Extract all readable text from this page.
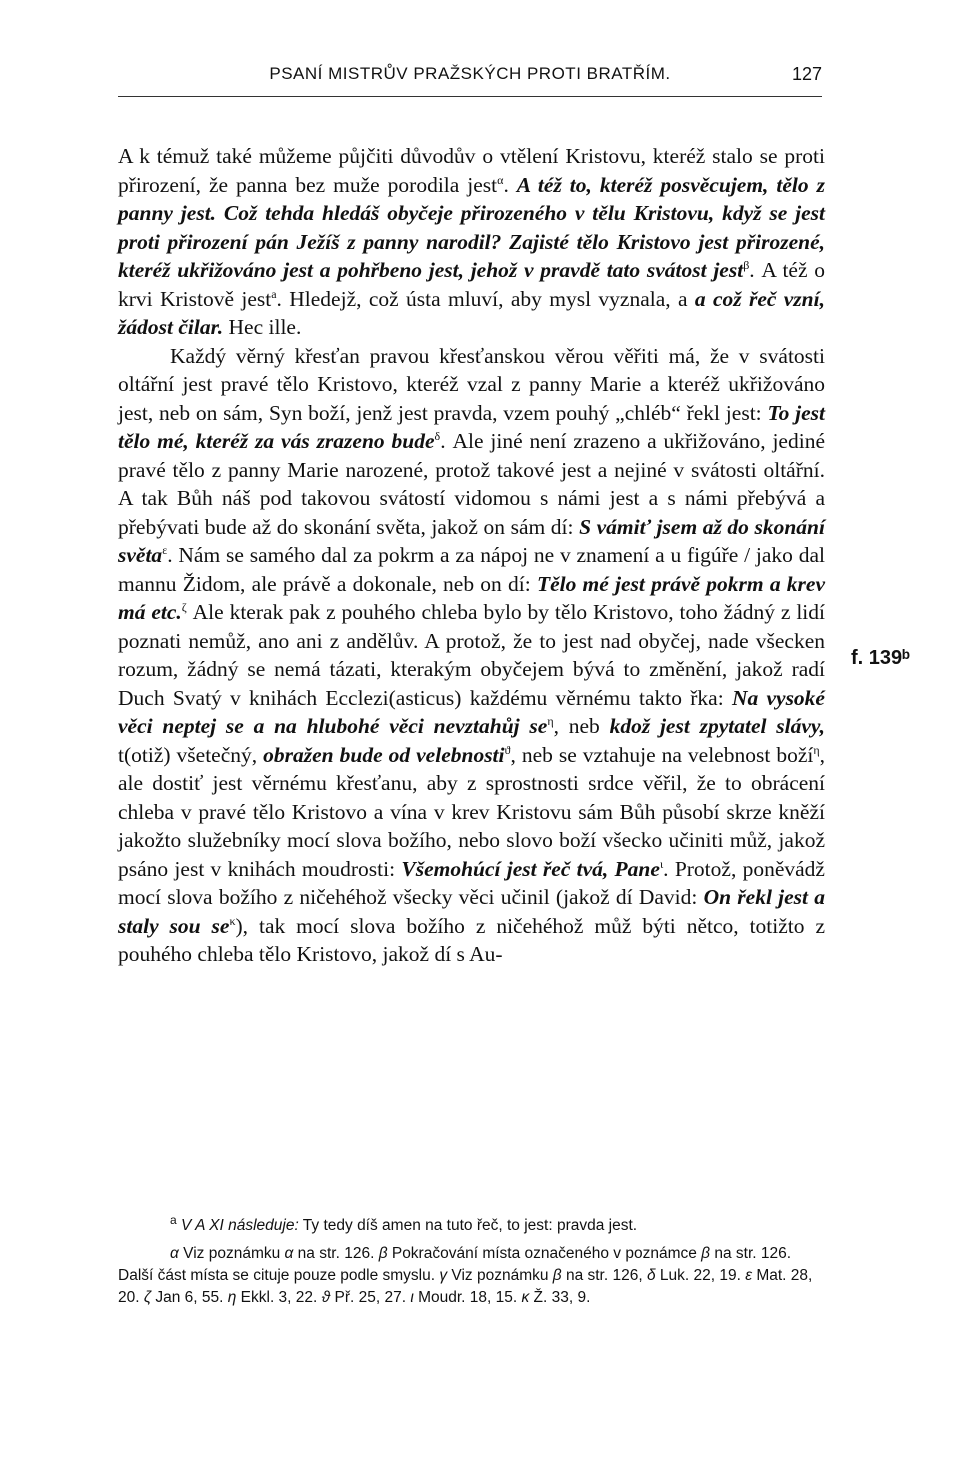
PSANÍ MISTRŮV PRAŽSKÝCH PROTI BRATŘÍM.	127

A k témuž také můžeme půjčiti důvodův o vtělení Kristovu, kteréž stalo se proti přirození, že panna bez muže porodila jest$^\alpha$. A též to, kteréž posvěcujem, tělo z panny jest. Což tehda hledáš obyčeje přirozeného v tělu Kristovu, když se jest proti přirození pán Ježíš z panny narodil? Zajisté tělo Kristovo jest přirozené, kteréž ukřižováno jest a pohřbeno jest, jehož v pravdě tato svátost jest$^\beta$. A též o krvi Kristově jest$^a$. Hledejž, což ústa mluví, aby mysl vyznala, a a což řeč vzní, žádost čilar. Hec ille.

Každý věrný křesťan pravou křesťanskou věrou věřiti má, že v svátosti oltářní jest pravé tělo Kristovo, kteréž vzal z panny Marie a kteréž ukřižováno jest, neb on sám, Syn boží, jenž jest pravda, vzem pouhý „chléb“ řekl jest: To jest tělo mé, kteréž za vás zrazeno bude$^\delta$. Ale jiné není zrazeno a ukřižováno, jediné pravé tělo z panny Marie narozené, protož takové jest a nejiné v svátosti oltářní. A tak Bůh náš pod takovou svátostí vidomou s námi jest a s námi přebývá a přebývati bude až do skonání světa, jakož on sám dí: S vámiť jsem až do skonání světa$^\varepsilon$. Nám se samého dal za pokrm a za nápoj ne v znamení a u figúře / jako dal mannu Židom, ale právě a dokonale, neb on dí: Tělo mé jest právě pokrm a krev má etc.$^\zeta$ Ale kterak pak z pouhého chleba bylo by tělo Kristovo, toho žádný z lidí poznati nemůž, ano ani z andělův. A protož, že to jest nad obyčej, nade všecken rozum, žádný se nemá tázati, kterakým obyčejem bývá to změnění, jakož radí Duch Svatý v knihách Ecclezi(asticus) každému věrnému takto řka: Na vysoké věci neptej se a na hlubohé věci nevztahůj $se^\eta$, neb kdož jest zpytatel slávy, t(otiž) všetečný, obražen bude od velebnosti$^ϑ$, neb se vztahuje na velebnost boží$^\eta$, ale dostiť jest věrnému křesťanu, aby z sprostnosti srdce věřil, že to obrácení chleba v pravé tělo Kristovo a vína v krev Kristovu sám Bůh působí skrze kněží jakožto služebníky mocí slova božího, nebo slovo boží všecko učiniti můž, jakož psáno jest v knihách moudrosti: Všemohúcí jest řeč tvá, Pane$^\iota$. Protož, poněvádž mocí slova božího z ničehéhož všecky věci učinil (jakož dí David: On řekl jest a staly sou $se^\kappa$), tak mocí slova božího z ničehéhož můž býti nětco, totižto z pouhého chleba tělo Kristovo, jakož dí s Au-

f. 139ᵇ

$^a$ V A XI následuje: Ty tedy díš amen na tuto řeč, to jest: pravda jest.

α Viz poznámku α na str. 126. β Pokračování místa označeného v poznámce β na str. 126. Další část místa se cituje pouze podle smyslu. γ Viz poznámku β na str. 126, δ Luk. 22, 19. ε Mat. 28, 20. ζ Jan 6, 55. η Ekkl. 3, 22. ϑ Př. 25, 27. ι Moudr. 18, 15. κ Ž. 33, 9.
